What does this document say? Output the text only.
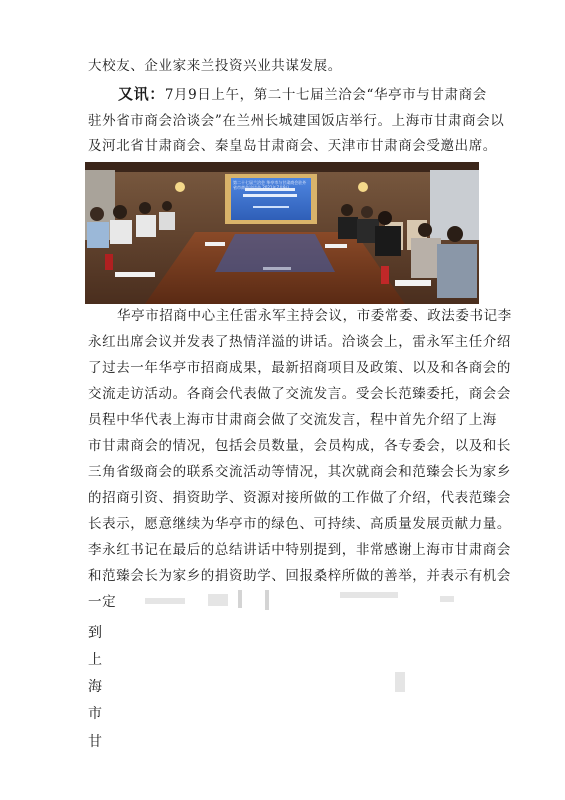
大校友、企业家来兰投资兴业共谋发展。
又讯：7月9日上午，第二十七届兰洽会“华亭市与甘肃商会
驻外省市商会洽谈会”在兰州长城建国饭店举行。上海市甘肃商会以
及河北省甘肃商会、秦皇岛甘肃商会、天津市甘肃商会受邀出席。
第二十七届兰洽会 华亭市与甘肃商会驻外省市商会洽谈会 2021年7月9日
华亭市招商中心主任雷永军主持会议，市委常委、政法委书记李
永红出席会议并发表了热情洋溢的讲话。洽谈会上，雷永军主任介绍
了过去一年华亭市招商成果，最新招商项目及政策、以及和各商会的
交流走访活动。各商会代表做了交流发言。受会长范臻委托，商会会
员程中华代表上海市甘肃商会做了交流发言，程中首先介绍了上海
市甘肃商会的情况，包括会员数量，会员构成，各专委会，以及和长
三角省级商会的联系交流活动等情况，其次就商会和范臻会长为家乡
的招商引资、捐资助学、资源对接所做的工作做了介绍，代表范臻会
长表示，愿意继续为华亭市的绿色、可持续、高质量发展贡献力量。
李永红书记在最后的总结讲话中特别提到，非常感谢上海市甘肃商会
和范臻会长为家乡的捐资助学、回报桑梓所做的善举，并表示有机会
一定
到
上
海
市
甘
